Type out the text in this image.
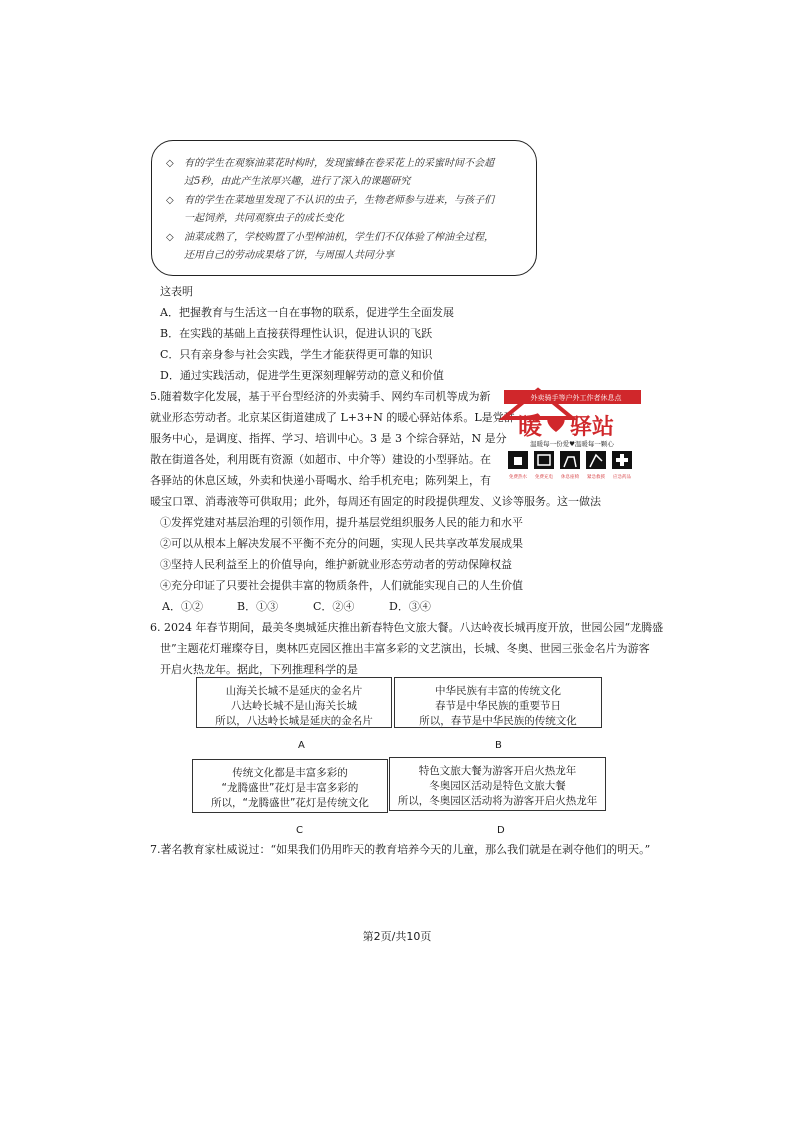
◇	有的学生在观察油菜花时构时，发现蜜蜂在卷采花上的采蜜时间不会超
过5秒，由此产生浓厚兴趣，进行了深入的课题研究
◇	有的学生在菜地里发现了不认识的虫子，生物老师参与进来，与孩子们
一起饲养，共同观察虫子的成长变化
◇	油菜成熟了，学校购置了小型榨油机，学生们不仅体验了榨油全过程，
还用自己的劳动成果烙了饼，与周围人共同分享
这表明
A．把握教育与生活这一自在事物的联系，促进学生全面发展
B．在实践的基础上直接获得理性认识，促进认识的飞跃
C．只有亲身参与社会实践，学生才能获得更可靠的知识
D．通过实践活动，促进学生更深刻理解劳动的意义和价值
5.随着数字化发展，基于平台型经济的外卖骑手、网约车司机等成为新
就业形态劳动者。北京某区街道建成了 L+3+N 的暖心驿站体系。L是党群
服务中心，是调度、指挥、学习、培训中心。3 是 3 个综合驿站，N 是分
散在街道各处，利用既有资源（如超市、中介等）建设的小型驿站。在
各驿站的休息区域，外卖和快递小哥喝水、给手机充电；陈列架上，有
暖宝口罩、消毒液等可供取用；此外，每周还有固定的时段提供理发、义诊等服务。这一做法
外卖骑手等户外工作者休息点
暖 驿站
温暖每一份爱♥温暖每一颗心
免费热水 免费充电 休息座椅 紧急救援 应急药品
①发挥党建对基层治理的引领作用，提升基层党组织服务人民的能力和水平
②可以从根本上解决发展不平衡不充分的问题，实现人民共享改革发展成果
③坚持人民利益至上的价值导向，维护新就业形态劳动者的劳动保障权益
④充分印证了只要社会提供丰富的物质条件，人们就能实现自己的人生价值
A．①②	B．①③	C．②④	D．③④
6. 2024 年春节期间，最美冬奥城延庆推出新春特色文旅大餐。八达岭夜长城再度开放，世园公园“龙腾盛
世”主题花灯璀璨夺目，奥林匹克园区推出丰富多彩的文艺演出，长城、冬奥、世园三张金名片为游客
开启火热龙年。据此，下列推理科学的是
山海关长城不是延庆的金名片
八达岭长城不是山海关长城
所以，八达岭长城是延庆的金名片
A
中华民族有丰富的传统文化
春节是中华民族的重要节日
所以，春节是中华民族的传统文化
B
传统文化都是丰富多彩的
“龙腾盛世”花灯是丰富多彩的
所以，“龙腾盛世”花灯是传统文化
C
特色文旅大餐为游客开启火热龙年
冬奥园区活动是特色文旅大餐
所以，冬奥园区活动将为游客开启火热龙年
D
7.著名教育家杜威说过：“如果我们仍用昨天的教育培养今天的儿童，那么我们就是在剥夺他们的明天。”
第2页/共10页
